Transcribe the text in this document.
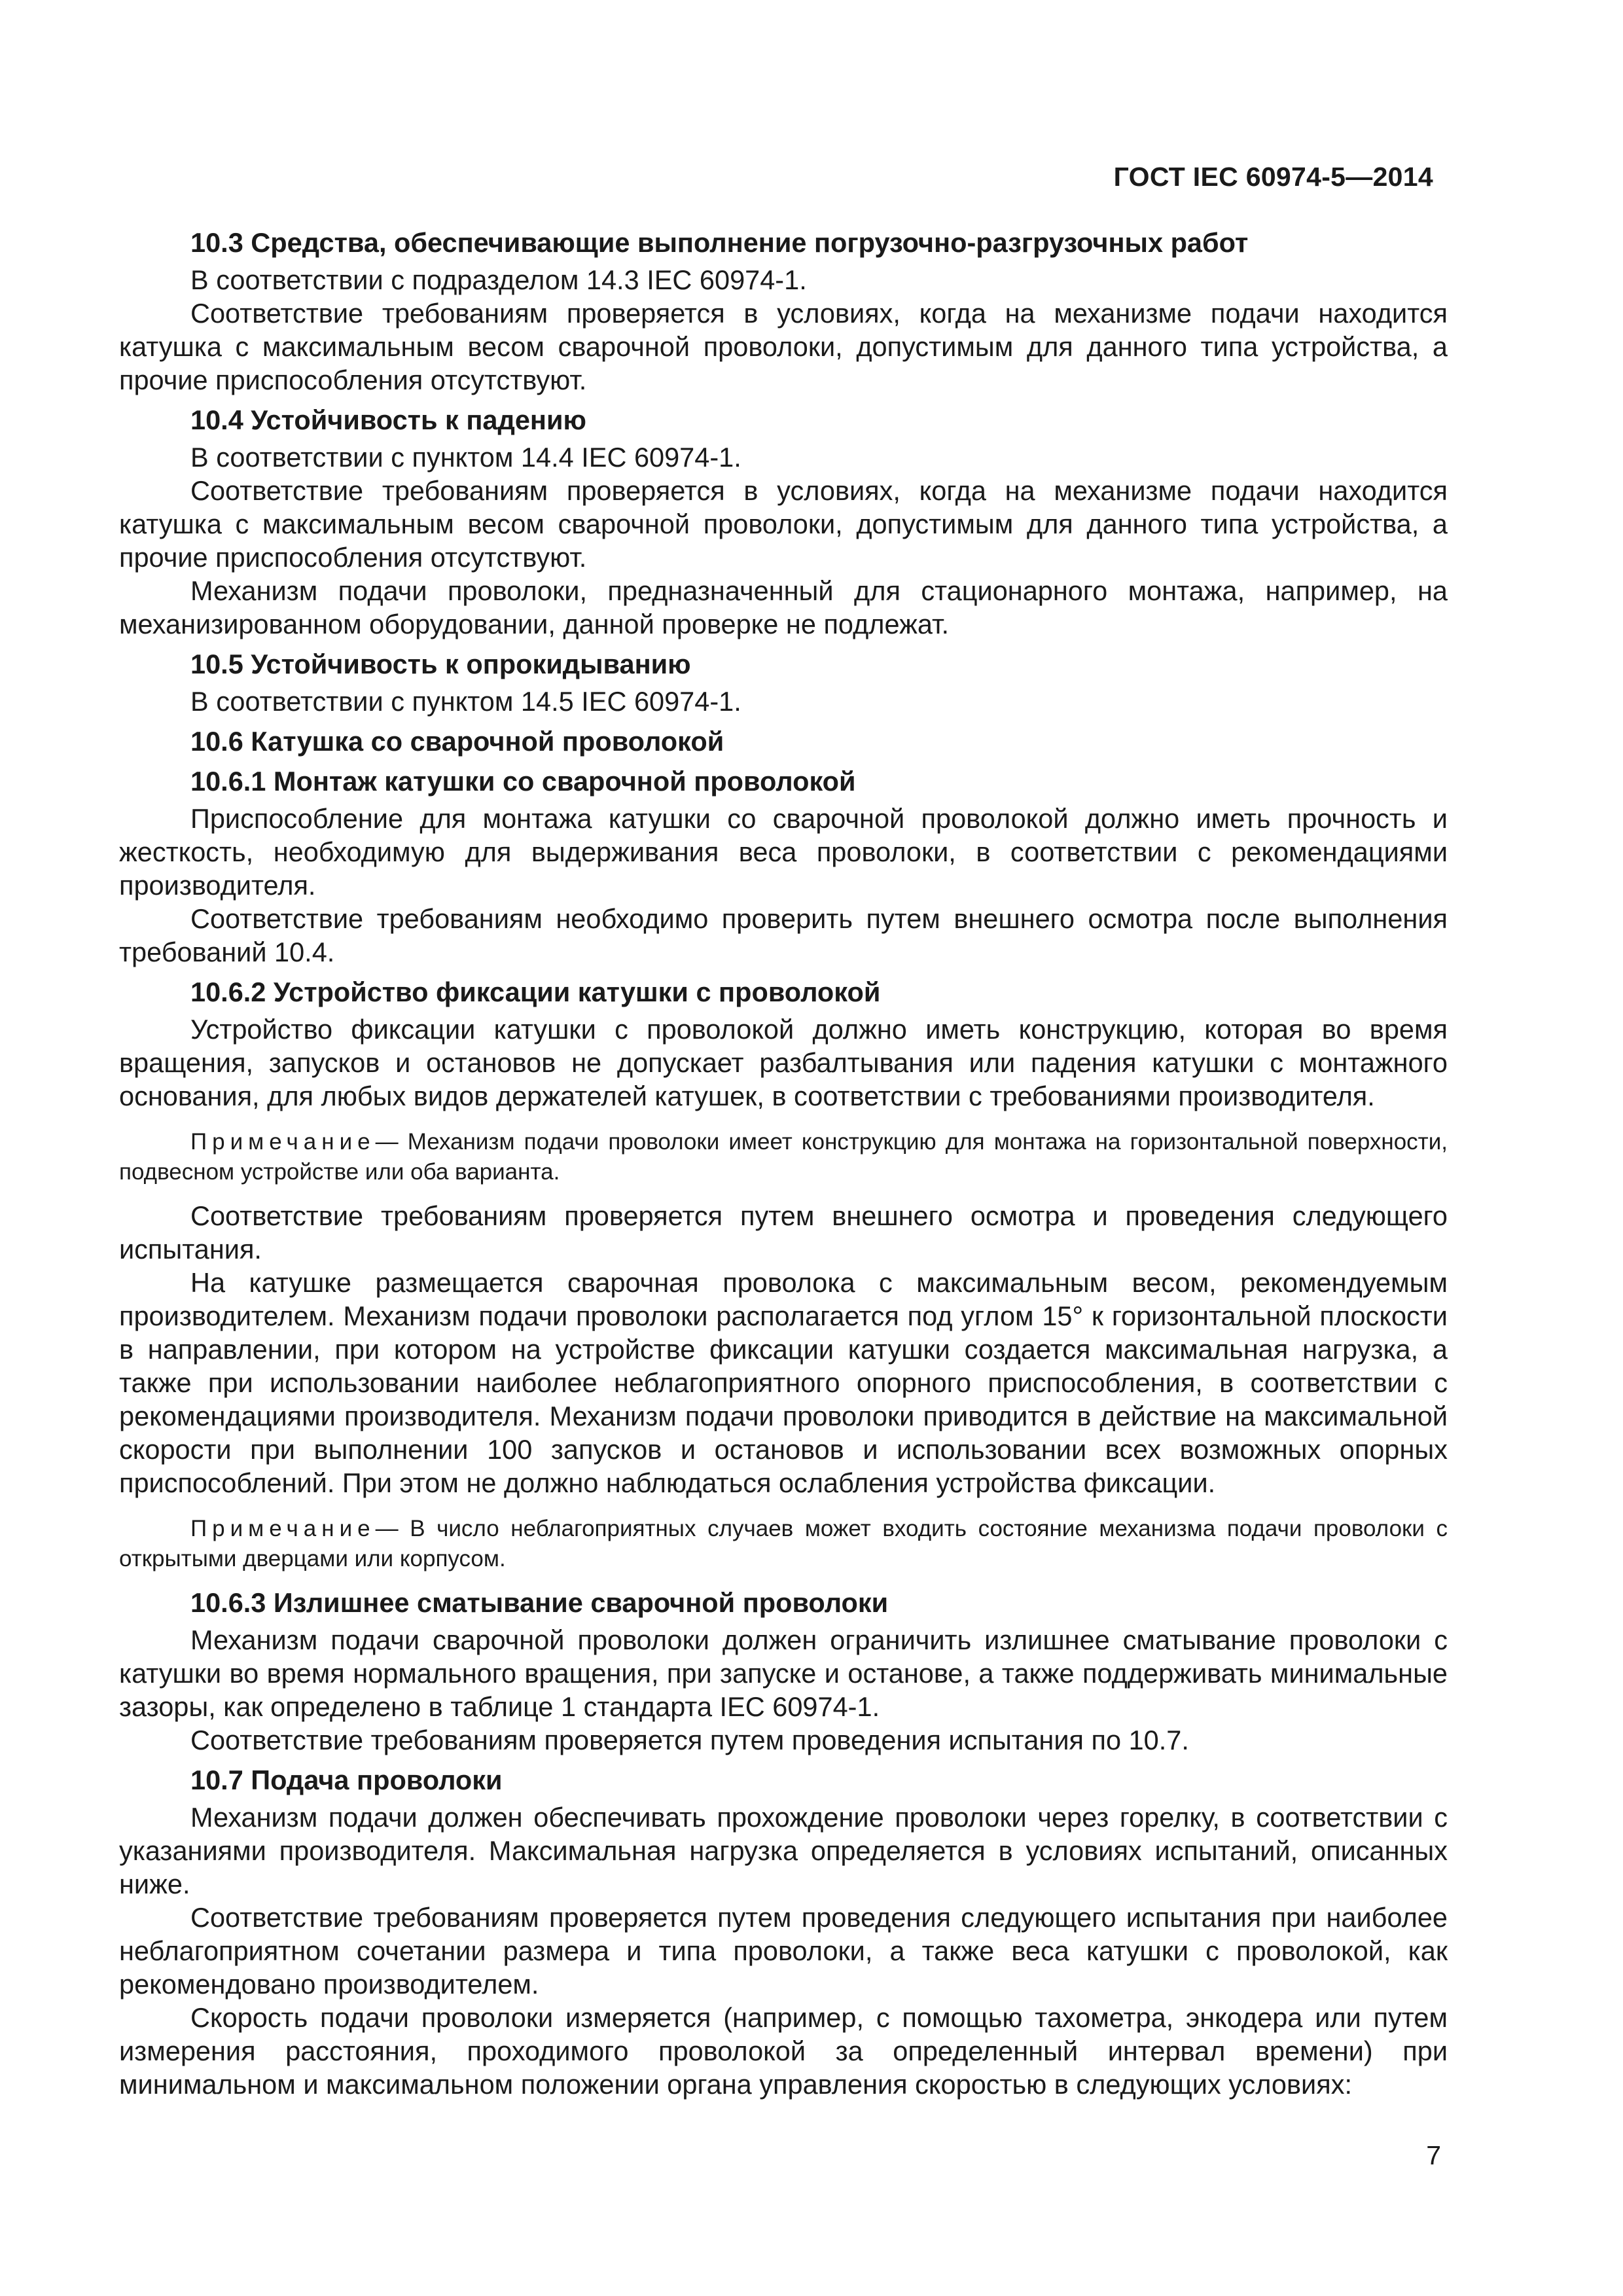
ГОСТ IEC 60974-5—2014

10.3 Средства, обеспечивающие выполнение погрузочно-разгрузочных работ

В соответствии с подразделом 14.3 IEC 60974-1.

Соответствие требованиям проверяется в условиях, когда на механизме подачи находится катушка с максимальным весом сварочной проволоки, допустимым для данного типа устройства, а прочие приспособления отсутствуют.

10.4 Устойчивость к падению

В соответствии с пунктом 14.4 IEC 60974-1.

Соответствие требованиям проверяется в условиях, когда на механизме подачи находится катушка с максимальным весом сварочной проволоки, допустимым для данного типа устройства, а прочие приспособления отсутствуют.

Механизм подачи проволоки, предназначенный для стационарного монтажа, например, на механизированном оборудовании, данной проверке не подлежат.

10.5 Устойчивость к опрокидыванию

В соответствии с пунктом 14.5 IEC 60974-1.

10.6 Катушка со сварочной проволокой

10.6.1 Монтаж катушки со сварочной проволокой

Приспособление для монтажа катушки со сварочной проволокой должно иметь прочность и жесткость, необходимую для выдерживания веса проволоки, в соответствии с рекомендациями производителя.

Соответствие требованиям необходимо проверить путем внешнего осмотра после выполнения требований 10.4.

10.6.2 Устройство фиксации катушки с проволокой

Устройство фиксации катушки с проволокой должно иметь конструкцию, которая во время вращения, запусков и остановов не допускает разбалтывания или падения катушки с монтажного основания, для любых видов держателей катушек, в соответствии с требованиями производителя.

Примечание— Механизм подачи проволоки имеет конструкцию для монтажа на горизонтальной поверхности, подвесном устройстве или оба варианта.

Соответствие требованиям проверяется путем внешнего осмотра и проведения следующего испытания.

На катушке размещается сварочная проволока с максимальным весом, рекомендуемым производителем. Механизм подачи проволоки располагается под углом 15° к горизонтальной плоскости в направлении, при котором на устройстве фиксации катушки создается максимальная нагрузка, а также при использовании наиболее неблагоприятного опорного приспособления, в соответствии с рекомендациями производителя. Механизм подачи проволоки приводится в действие на максимальной скорости при выполнении 100 запусков и остановов и использовании всех возможных опорных приспособлений. При этом не должно наблюдаться ослабления устройства фиксации.

Примечание— В число неблагоприятных случаев может входить состояние механизма подачи проволоки с открытыми дверцами или корпусом.

10.6.3 Излишнее сматывание сварочной проволоки

Механизм подачи сварочной проволоки должен ограничить излишнее сматывание проволоки с катушки во время нормального вращения, при запуске и останове, а также поддерживать минимальные зазоры, как определено в таблице 1 стандарта IEC 60974-1.

Соответствие требованиям проверяется путем проведения испытания по 10.7.

10.7 Подача проволоки

Механизм подачи должен обеспечивать прохождение проволоки через горелку, в соответствии с указаниями производителя. Максимальная нагрузка определяется в условиях испытаний, описанных ниже.

Соответствие требованиям проверяется путем проведения следующего испытания при наиболее неблагоприятном сочетании размера и типа проволоки, а также веса катушки с проволокой, как рекомендовано производителем.

Скорость подачи проволоки измеряется (например, с помощью тахометра, энкодера или путем измерения расстояния, проходимого проволокой за определенный интервал времени) при минимальном и максимальном положении органа управления скоростью в следующих условиях:

7
